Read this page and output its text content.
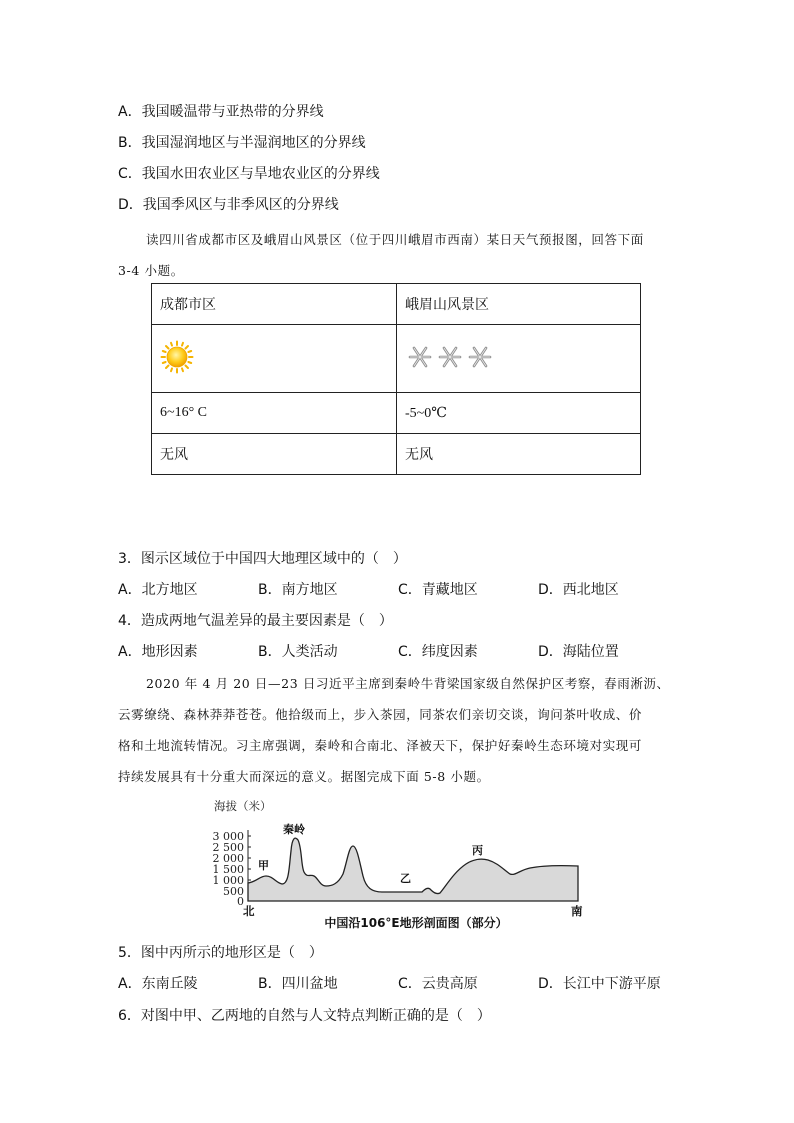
A．我国暖温带与亚热带的分界线
B．我国湿润地区与半湿润地区的分界线
C．我国水田农业区与旱地农业区的分界线
D．我国季风区与非季风区的分界线
读四川省成都市区及峨眉山风景区（位于四川峨眉市西南）某日天气预报图，回答下面
3-4 小题。
成都市区	峨眉山风景区

6~16° C	-5~0℃
无风	无风
3．图示区域位于中国四大地理区域中的（　）
A．北方地区	B．南方地区	C．青藏地区	D．西北地区
4．造成两地气温差异的最主要因素是（　）
A．地形因素	B．人类活动	C．纬度因素	D．海陆位置
2020 年 4 月 20 日—23 日习近平主席到秦岭牛背梁国家级自然保护区考察，春雨淅沥、
云雾缭绕、森林莽莽苍苍。他拾级而上，步入茶园，同茶农们亲切交谈，询问茶叶收成、价
格和土地流转情况。习主席强调，秦岭和合南北、泽被天下，保护好秦岭生态环境对实现可
持续发展具有十分重大而深远的意义。据图完成下面 5-8 小题。
海拔（米）
3 000
2 500
2 000
1 500
1 000
500
0
秦岭
甲
乙
丙
北	南
中国沿106°E地形剖面图（部分）
5．图中丙所示的地形区是（　）
A．东南丘陵	B．四川盆地	C．云贵高原	D．长江中下游平原
6．对图中甲、乙两地的自然与人文特点判断正确的是（　）
